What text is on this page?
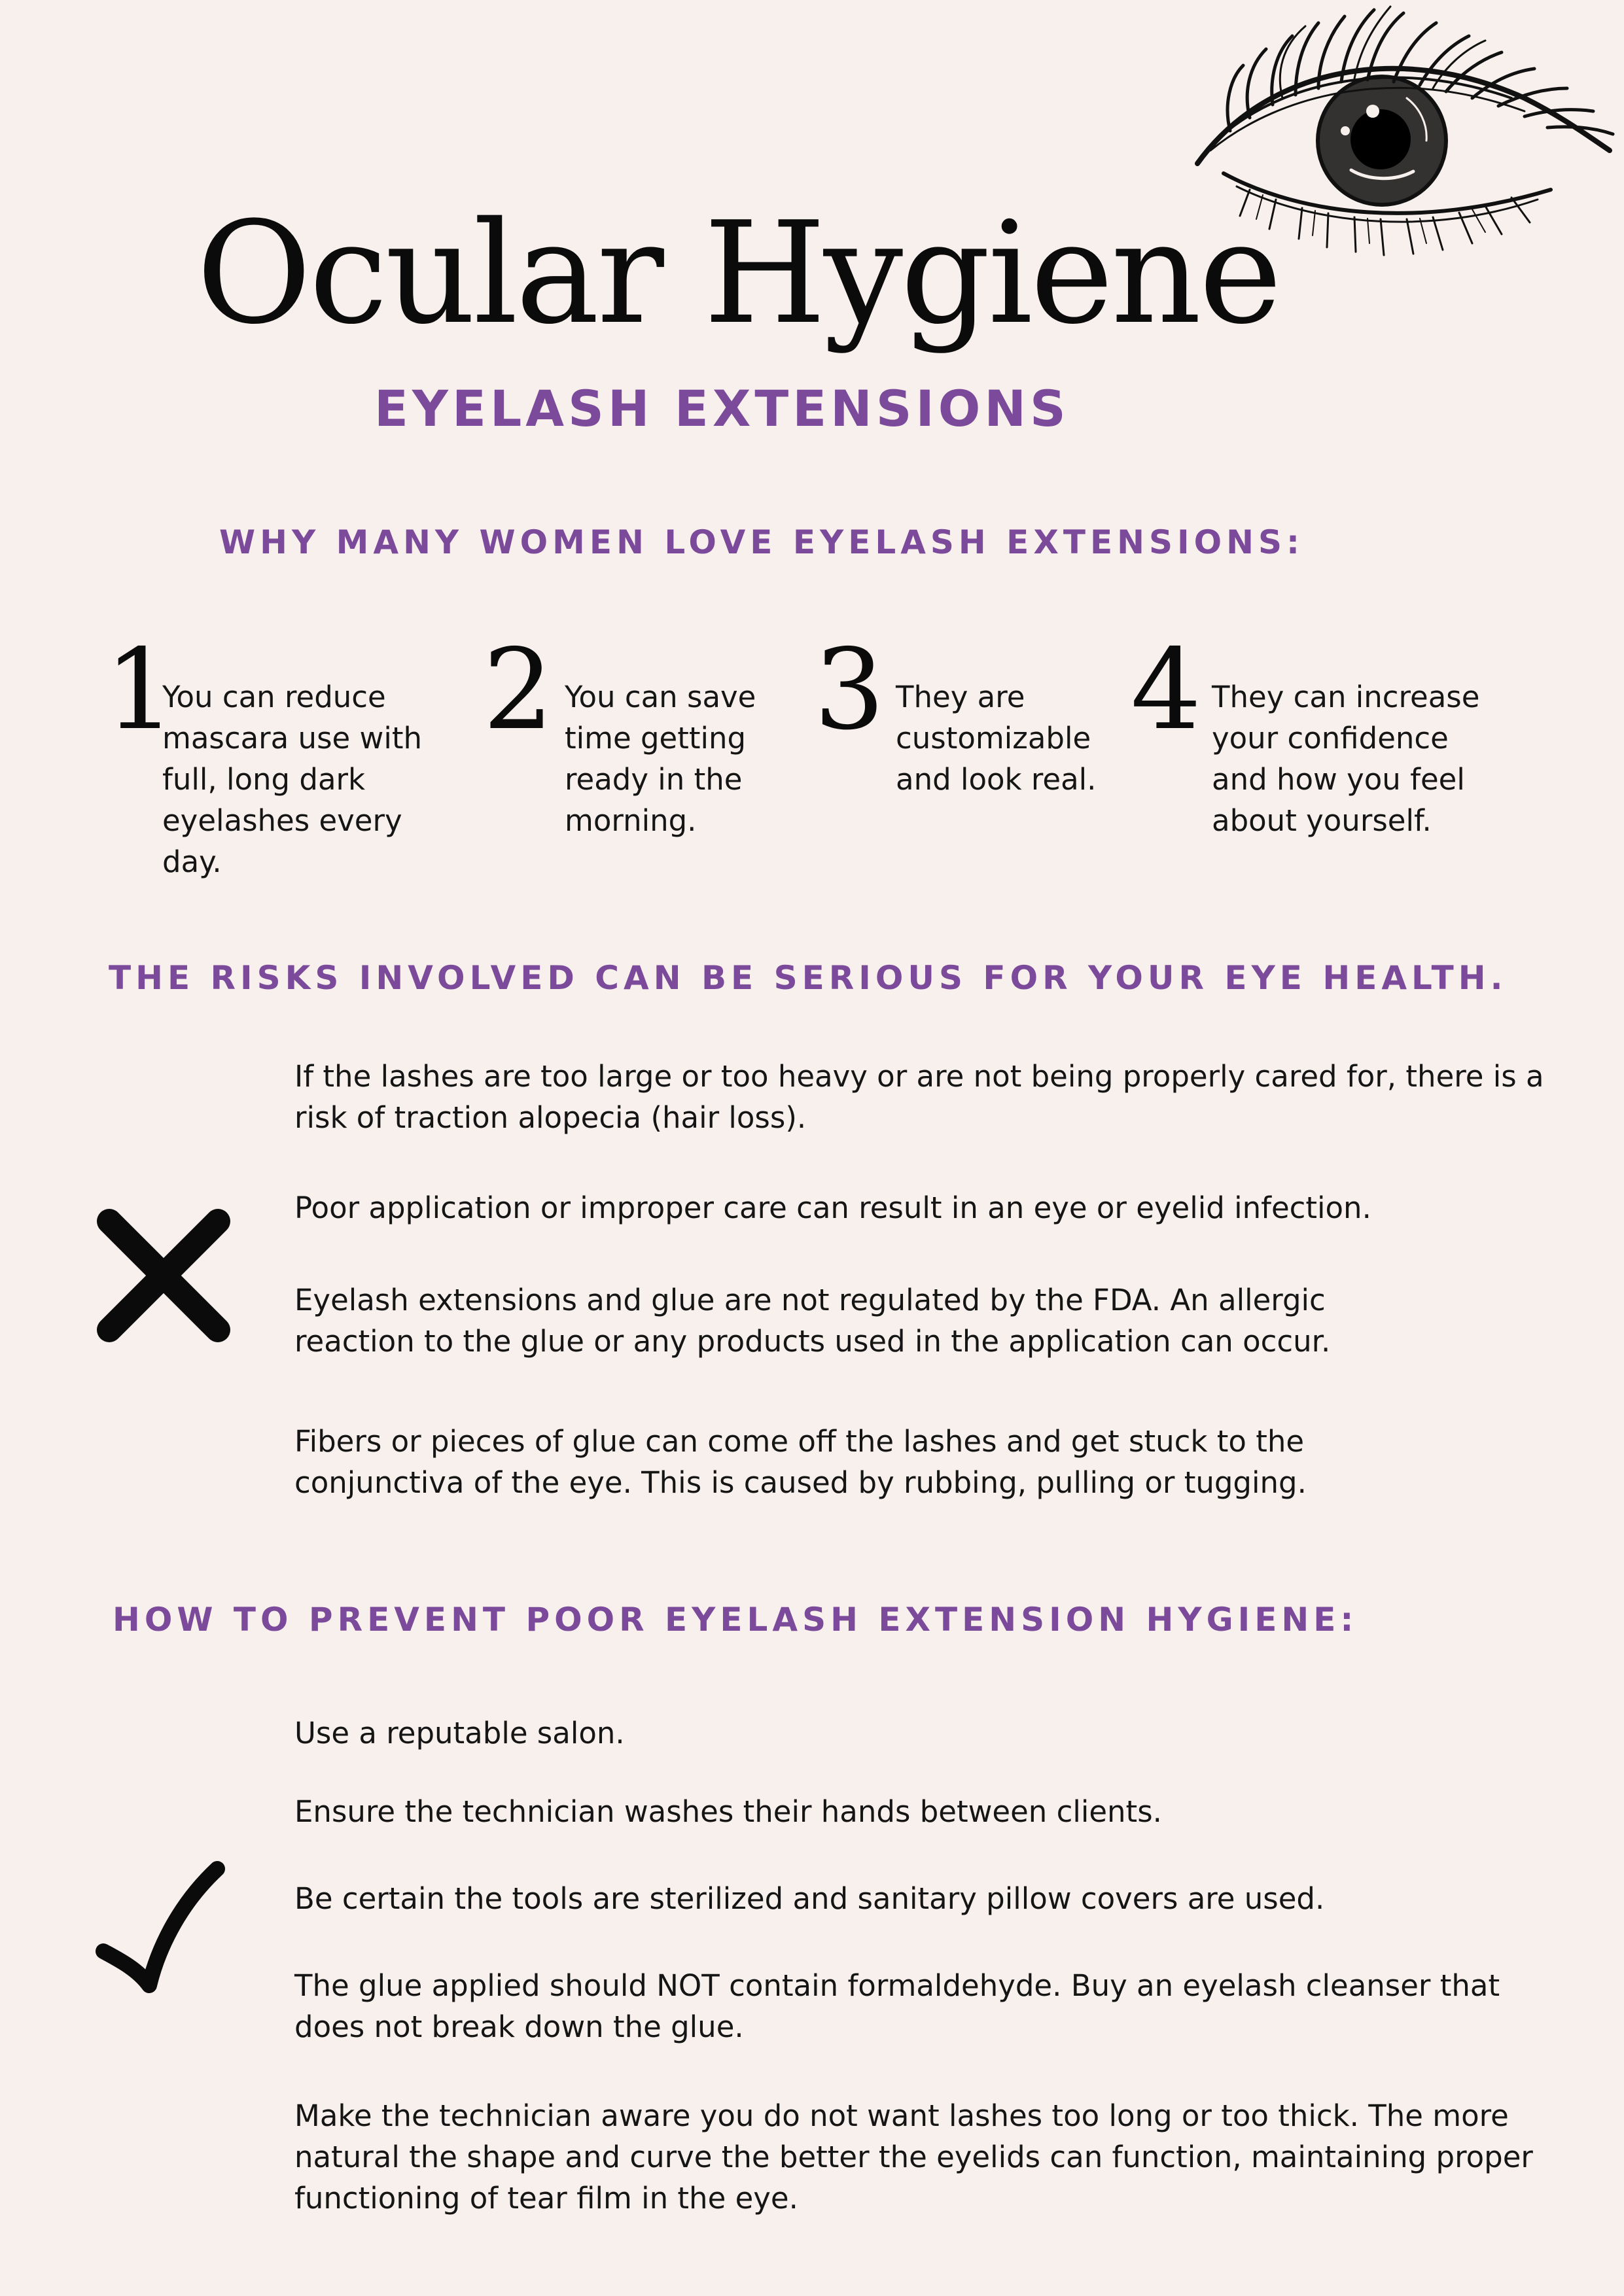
Ocular Hygiene
EYELASH EXTENSIONS
WHY MANY WOMEN LOVE EYELASH EXTENSIONS:
1
You can reduce mascara use with full, long dark eyelashes every day.
2 You can save time getting ready in the morning.
3 They are customizable and look real.
4 They can increase your confidence and how you feel about yourself.
THE RISKS INVOLVED CAN BE SERIOUS FOR YOUR EYE HEALTH.
If the lashes are too large or too heavy or are not being properly cared for, there is a risk of traction alopecia (hair loss).
Poor application or improper care can result in an eye or eyelid infection.
Eyelash extensions and glue are not regulated by the FDA. An allergic reaction to the glue or any products used in the application can occur.
Fibers or pieces of glue can come off the lashes and get stuck to the conjunctiva of the eye. This is caused by rubbing, pulling or tugging.
HOW TO PREVENT POOR EYELASH EXTENSION HYGIENE:
Use a reputable salon.
Ensure the technician washes their hands between clients.
Be certain the tools are sterilized and sanitary pillow covers are used.
The glue applied should NOT contain formaldehyde. Buy an eyelash cleanser that does not break down the glue.
Make the technician aware you do not want lashes too long or too thick. The more natural the shape and curve the better the eyelids can function, maintaining proper functioning of tear film in the eye.
